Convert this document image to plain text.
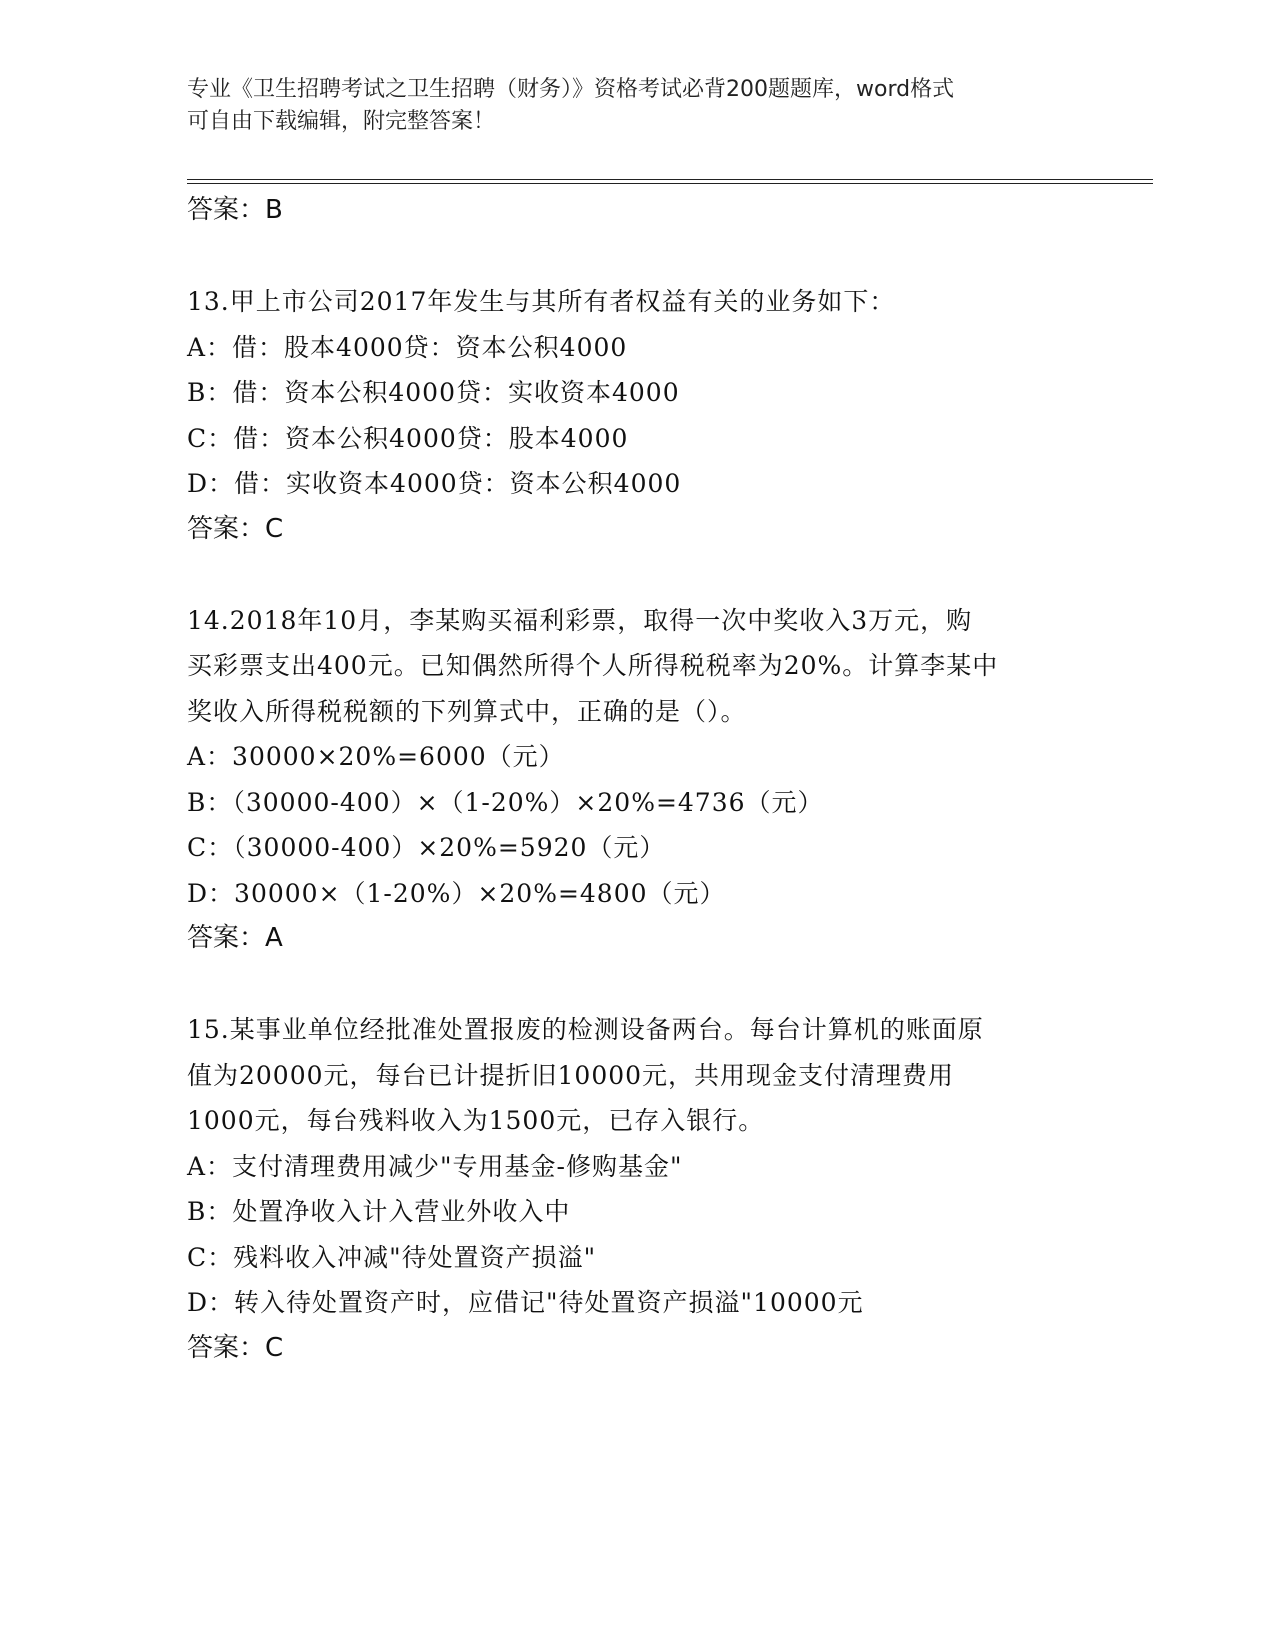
专业《卫生招聘考试之卫生招聘（财务）》资格考试必背200题题库，word格式
可自由下载编辑，附完整答案！
答案：B
13.甲上市公司2017年发生与其所有者权益有关的业务如下：
A：借：股本4000贷：资本公积4000
B：借：资本公积4000贷：实收资本4000
C：借：资本公积4000贷：股本4000
D：借：实收资本4000贷：资本公积4000
答案：C
14.2018年10月，李某购买福利彩票，取得一次中奖收入3万元，购
买彩票支出400元。已知偶然所得个人所得税税率为20%。计算李某中
奖收入所得税税额的下列算式中，正确的是（）。
A：30000×20%=6000（元）
B：（30000-400）×（1-20%）×20%=4736（元）
C：（30000-400）×20%=5920（元）
D：30000×（1-20%）×20%=4800（元）
答案：A
15.某事业单位经批准处置报废的检测设备两台。每台计算机的账面原
值为20000元，每台已计提折旧10000元，共用现金支付清理费用
1000元，每台残料收入为1500元，已存入银行。
A：支付清理费用减少"专用基金-修购基金"
B：处置净收入计入营业外收入中
C：残料收入冲减"待处置资产损溢"
D：转入待处置资产时，应借记"待处置资产损溢"10000元
答案：C
